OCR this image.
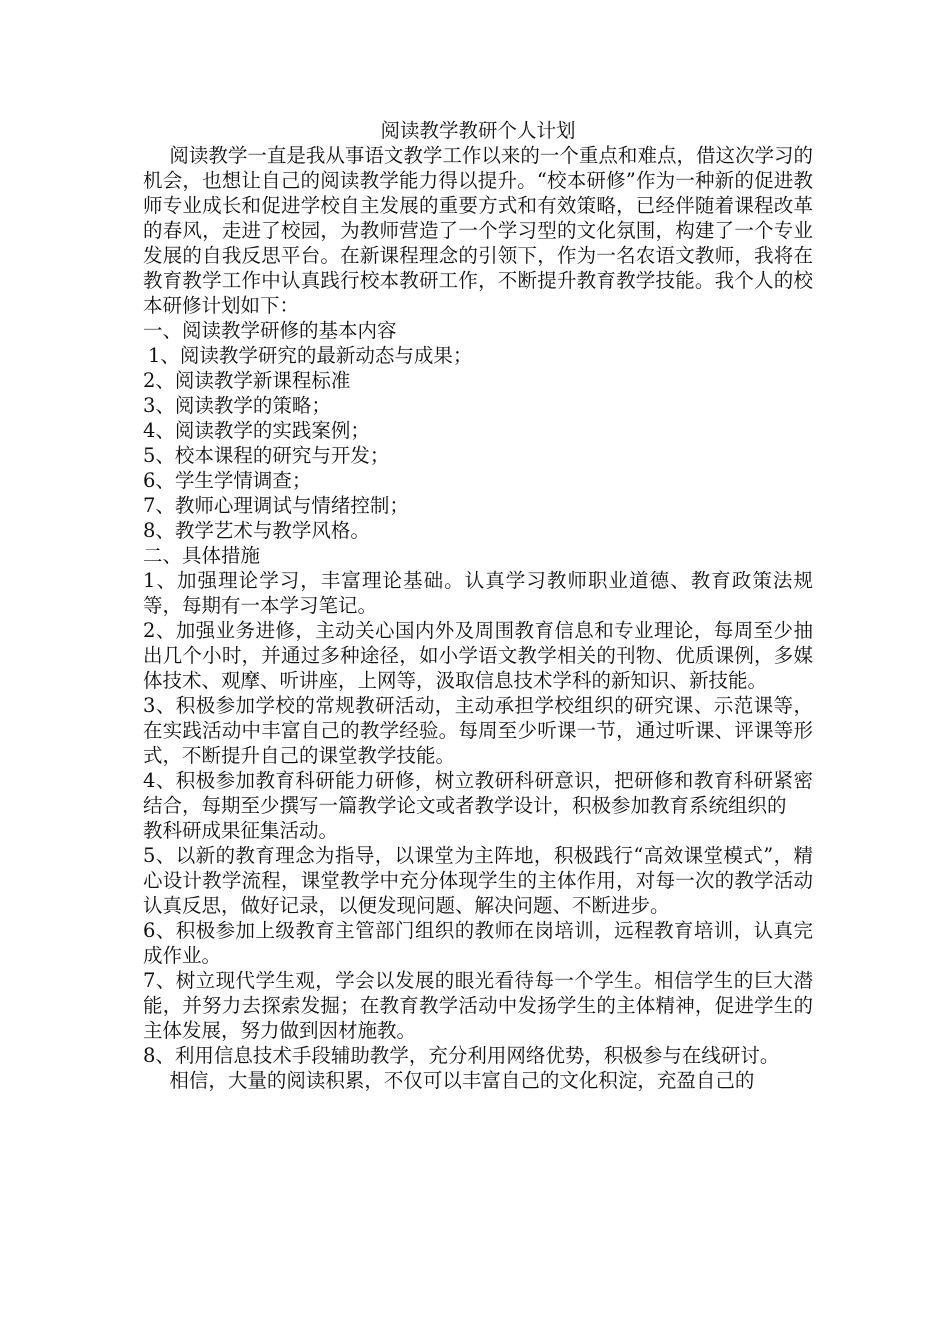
阅读教学教研个人计划

阅读教学一直是我从事语文教学工作以来的一个重点和难点，借这次学习的机会，也想让自己的阅读教学能力得以提升。“校本研修”作为一种新的促进教师专业成长和促进学校自主发展的重要方式和有效策略，已经伴随着课程改革的春风，走进了校园，为教师营造了一个学习型的文化氛围，构建了一个专业发展的自我反思平台。在新课程理念的引领下，作为一名农语文教师，我将在教育教学工作中认真践行校本教研工作，不断提升教育教学技能。我个人的校本研修计划如下：

一、阅读教学研修的基本内容

1、阅读教学研究的最新动态与成果；

2、阅读教学新课程标准

3、阅读教学的策略；

4、阅读教学的实践案例；

5、校本课程的研究与开发；

6、学生学情调查；

7、教师心理调试与情绪控制；

8、教学艺术与教学风格。

二、具体措施

1、加强理论学习，丰富理论基础。认真学习教师职业道德、教育政策法规等，每期有一本学习笔记。

2、加强业务进修，主动关心国内外及周围教育信息和专业理论，每周至少抽出几个小时，并通过多种途径，如小学语文教学相关的刊物、优质课例，多媒体技术、观摩、听讲座，上网等，汲取信息技术学科的新知识、新技能。

3、积极参加学校的常规教研活动，主动承担学校组织的研究课、示范课等，在实践活动中丰富自己的教学经验。每周至少听课一节，通过听课、评课等形式，不断提升自己的课堂教学技能。

4、积极参加教育科研能力研修，树立教研科研意识，把研修和教育科研紧密结合，每期至少撰写一篇教学论文或者教学设计，积极参加教育系统组织的

教科研成果征集活动。

5、以新的教育理念为指导，以课堂为主阵地，积极践行“高效课堂模式”，精心设计教学流程，课堂教学中充分体现学生的主体作用，对每一次的教学活动认真反思，做好记录，以便发现问题、解决问题、不断进步。

6、积极参加上级教育主管部门组织的教师在岗培训，远程教育培训，认真完成作业。

7、树立现代学生观，学会以发展的眼光看待每一个学生。相信学生的巨大潜能，并努力去探索发掘；在教育教学活动中发扬学生的主体精神，促进学生的主体发展，努力做到因材施教。

8、利用信息技术手段辅助教学，充分利用网络优势，积极参与在线研讨。

相信，大量的阅读积累，不仅可以丰富自己的文化积淀，充盈自己的
